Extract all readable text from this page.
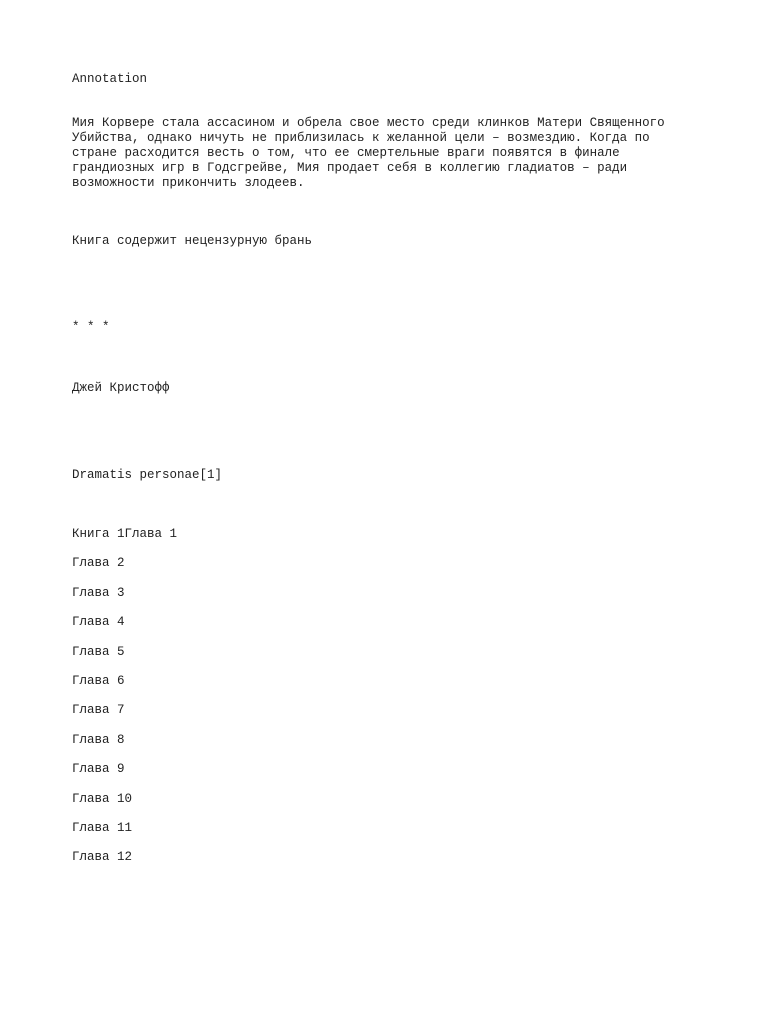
Annotation

Мия Корвере стала ассасином и обрела свое место среди клинков Матери Священного
Убийства, однако ничуть не приблизилась к желанной цели – возмездию. Когда по
стране расходится весть о том, что ее смертельные враги появятся в финале
грандиозных игр в Годсгрейве, Мия продает себя в коллегию гладиатов – ради
возможности прикончить злодеев.

Книга содержит нецензурную брань

* * *

Джей Кристофф

Dramatis personae[1]

Книга 1Глава 1
Глава 2
Глава 3
Глава 4
Глава 5
Глава 6
Глава 7
Глава 8
Глава 9
Глава 10
Глава 11
Глава 12
